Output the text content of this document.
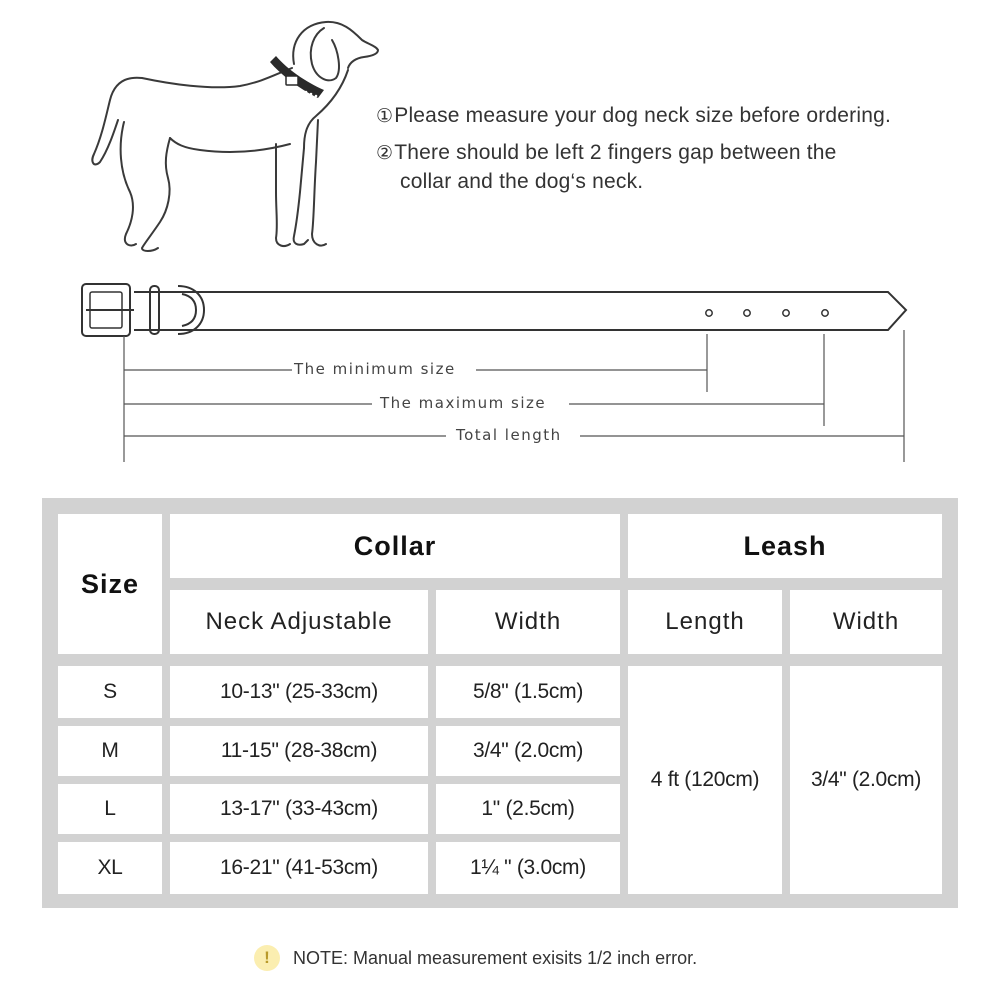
①Please measure your dog neck size before ordering.
②There should be left 2 fingers gap between the
collar and the dog‘s neck.
The minimum size
The maximum size
Total length
Size
Collar	Leash
Neck Adjustable	Width	Length	Width
S	10-13" (25-33cm)	5/8" (1.5cm)
M	11-15" (28-38cm)	3/4" (2.0cm)
L	13-17" (33-43cm)	1" (2.5cm)
XL	16-21" (41-53cm)	1¼ " (3.0cm)
4 ft (120cm)	3/4" (2.0cm)
!	NOTE: Manual measurement exisits 1/2 inch error.
